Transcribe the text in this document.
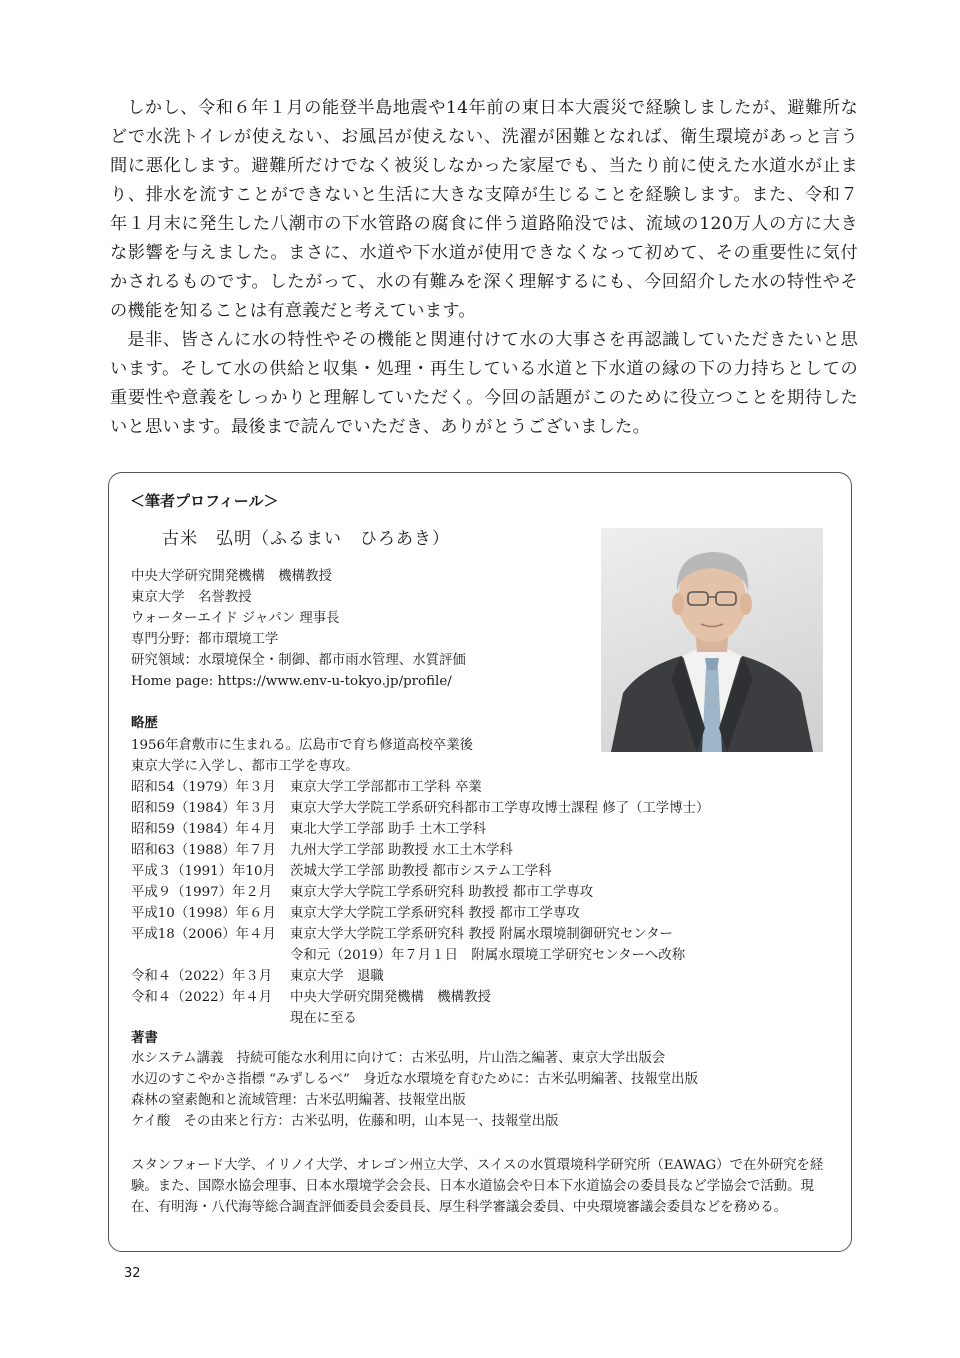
しかし、令和６年１月の能登半島地震や14年前の東日本大震災で経験しましたが、避難所などで水洗トイレが使えない、お風呂が使えない、洗濯が困難となれば、衛生環境があっと言う間に悪化します。避難所だけでなく被災しなかった家屋でも、当たり前に使えた水道水が止まり、排水を流すことができないと生活に大きな支障が生じることを経験します。また、令和７年１月末に発生した八潮市の下水管路の腐食に伴う道路陥没では、流域の120万人の方に大きな影響を与えました。まさに、水道や下水道が使用できなくなって初めて、その重要性に気付かされるものです。したがって、水の有難みを深く理解するにも、今回紹介した水の特性やその機能を知ることは有意義だと考えています。

是非、皆さんに水の特性やその機能と関連付けて水の大事さを再認識していただきたいと思います。そして水の供給と収集・処理・再生している水道と下水道の縁の下の力持ちとしての重要性や意義をしっかりと理解していただく。今回の話題がこのために役立つことを期待したいと思います。最後まで読んでいただき、ありがとうございました。

＜筆者プロフィール＞
古米　弘明（ふるまい　ひろあき）
中央大学研究開発機構　機構教授
東京大学　名誉教授
ウォーターエイド ジャパン 理事長
専門分野：都市環境工学
研究領域：水環境保全・制御、都市雨水管理、水質評価
Home page: https://www.env-u-tokyo.jp/profile/
略歴
1956年倉敷市に生まれる。広島市で育ち修道高校卒業後
東京大学に入学し、都市工学を専攻。
昭和54（1979）年３月 東京大学工学部都市工学科 卒業
昭和59（1984）年３月 東京大学大学院工学系研究科都市工学専攻博士課程 修了（工学博士）
昭和59（1984）年４月 東北大学工学部 助手 土木工学科
昭和63（1988）年７月 九州大学工学部 助教授 水工土木学科
平成３（1991）年10月 茨城大学工学部 助教授 都市システム工学科
平成９（1997）年２月 東京大学大学院工学系研究科 助教授 都市工学専攻
平成10（1998）年６月 東京大学大学院工学系研究科 教授 都市工学専攻
平成18（2006）年４月 東京大学大学院工学系研究科 教授 附属水環境制御研究センター
令和元（2019）年７月１日　附属水環境工学研究センターへ改称
令和４（2022）年３月 東京大学　退職
令和４（2022）年４月 中央大学研究開発機構　機構教授
現在に至る
著書
水システム講義　持続可能な水利用に向けて：古米弘明，片山浩之編著、東京大学出版会
水辺のすこやかさ指標 “みずしるべ”　身近な水環境を育むために：古米弘明編著、技報堂出版
森林の窒素飽和と流域管理：古米弘明編著、技報堂出版
ケイ酸　その由来と行方：古米弘明，佐藤和明，山本晃一、技報堂出版
スタンフォード大学、イリノイ大学、オレゴン州立大学、スイスの水質環境科学研究所（EAWAG）で在外研究を経験。また、国際水協会理事、日本水環境学会会長、日本水道協会や日本下水道協会の委員長など学協会で活動。現在、有明海・八代海等総合調査評価委員会委員長、厚生科学審議会委員、中央環境審議会委員などを務める。
32
